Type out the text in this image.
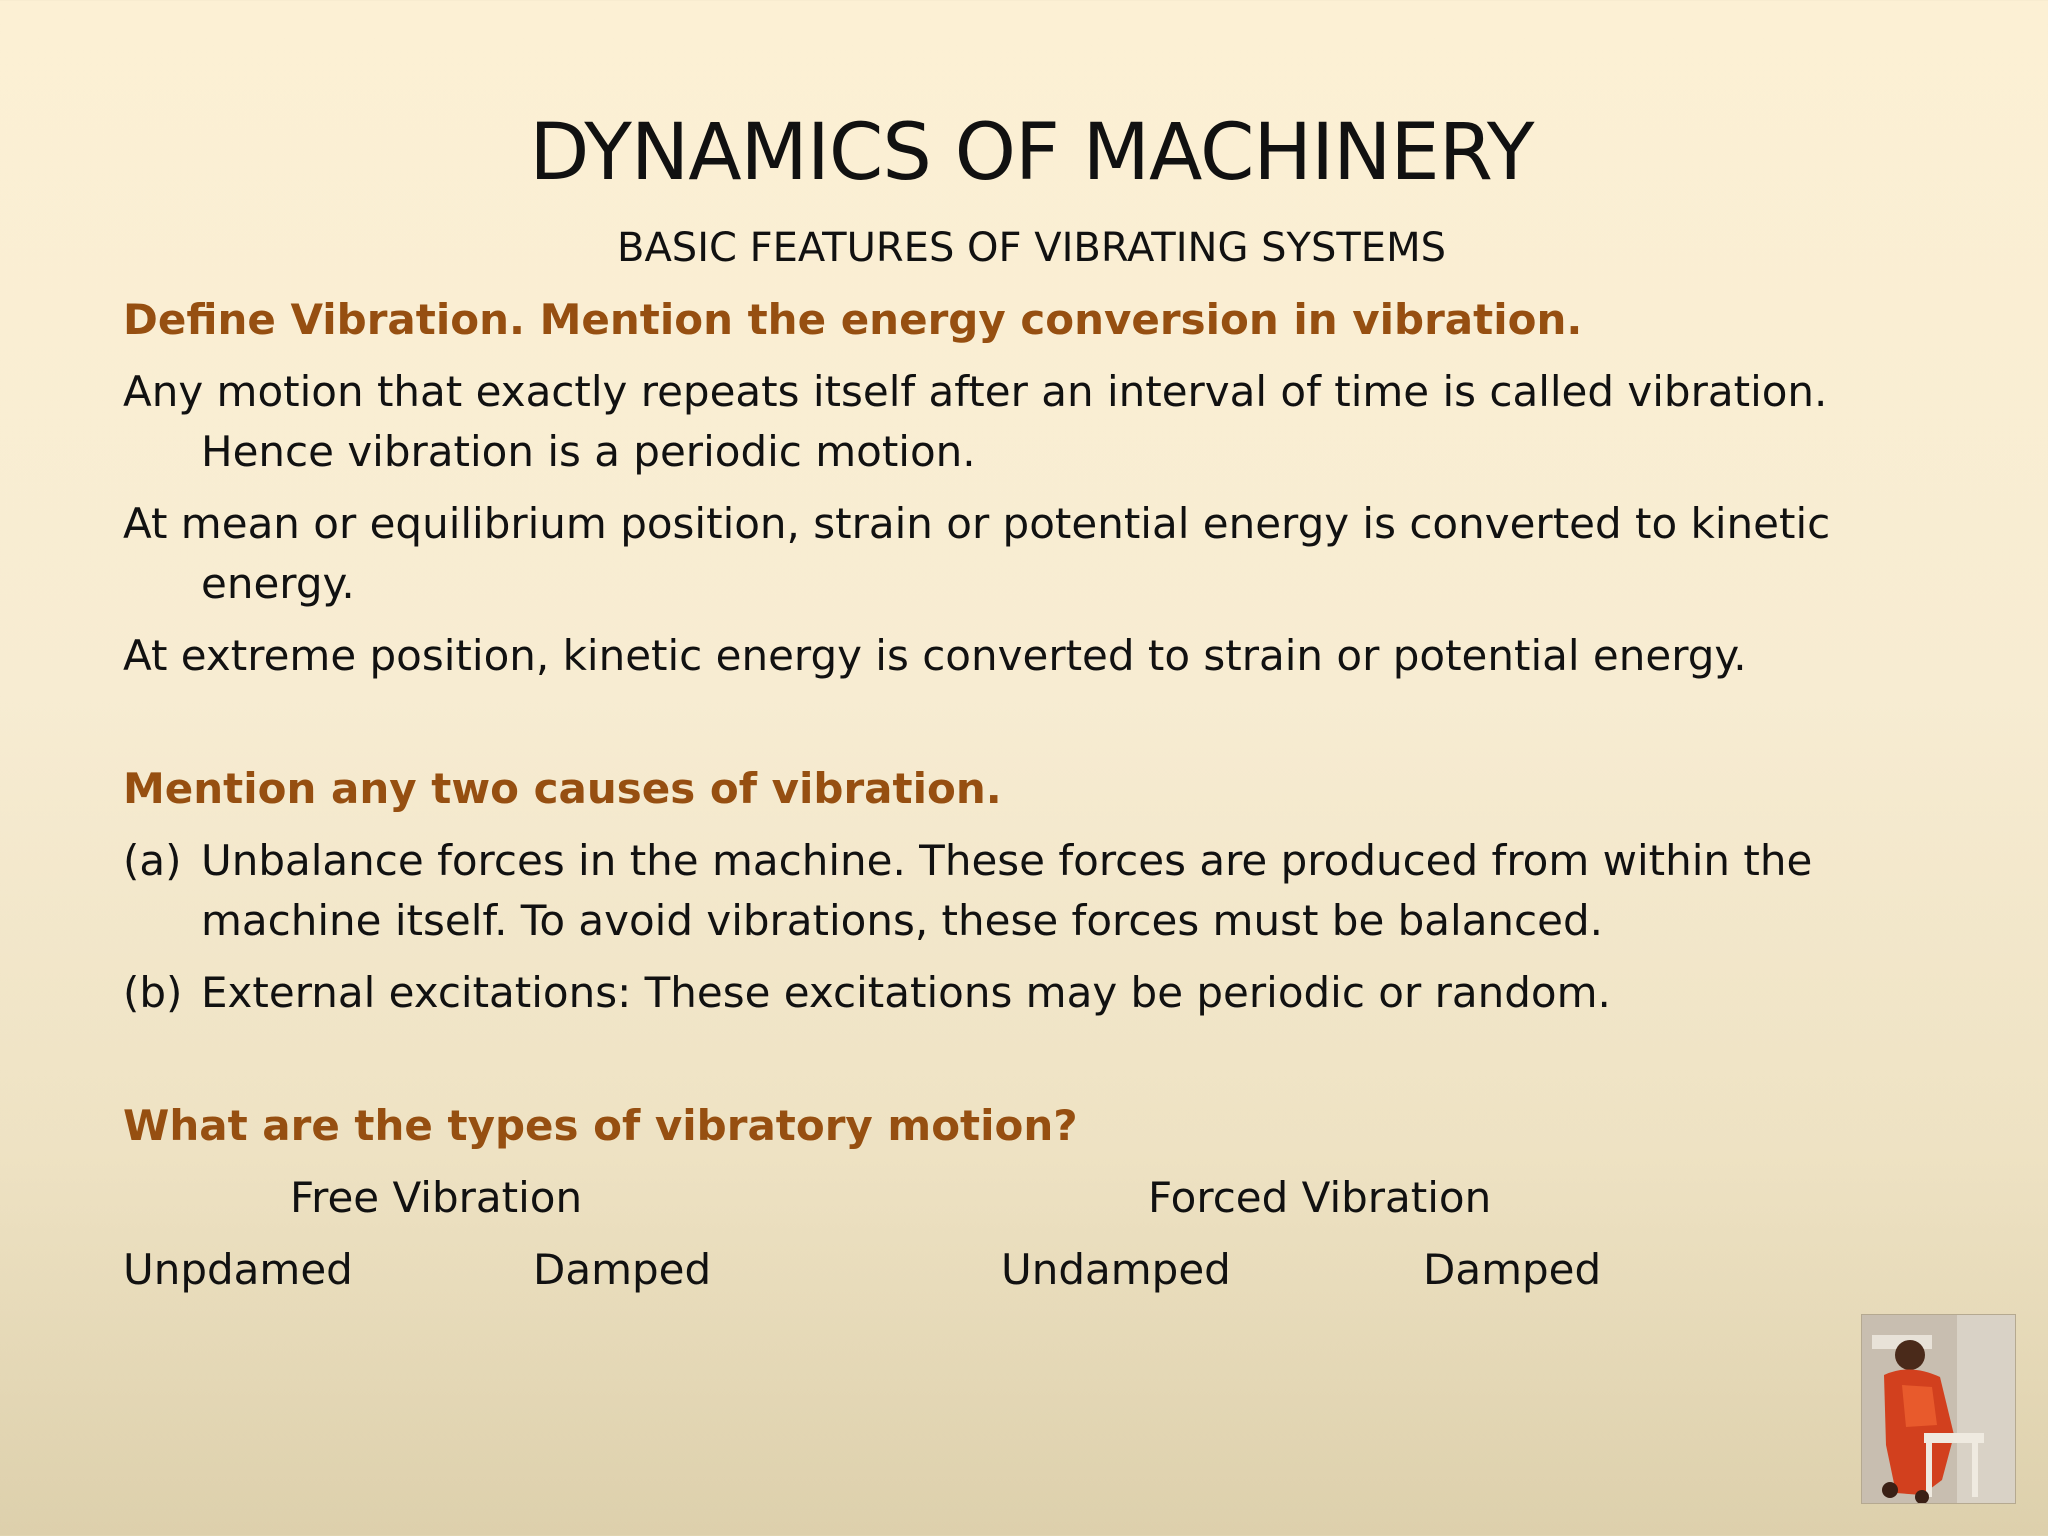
DYNAMICS OF MACHINERY
BASIC FEATURES OF VIBRATING SYSTEMS
Define Vibration. Mention the energy conversion in vibration.
Any motion that exactly repeats itself after an interval of time is called vibration. Hence vibration is a periodic motion.
At mean or equilibrium position, strain or potential energy is converted to kinetic energy.
At extreme position, kinetic energy is converted to strain or potential energy.
Mention any two causes of vibration.
(a) Unbalance forces in the machine. These forces are produced from within the machine itself. To avoid vibrations, these forces must be balanced.
(b) External excitations: These excitations may be periodic or random.
What are the types of vibratory motion?
Free Vibration	Forced Vibration
Unpdamed	Damped	Undamped	Damped
